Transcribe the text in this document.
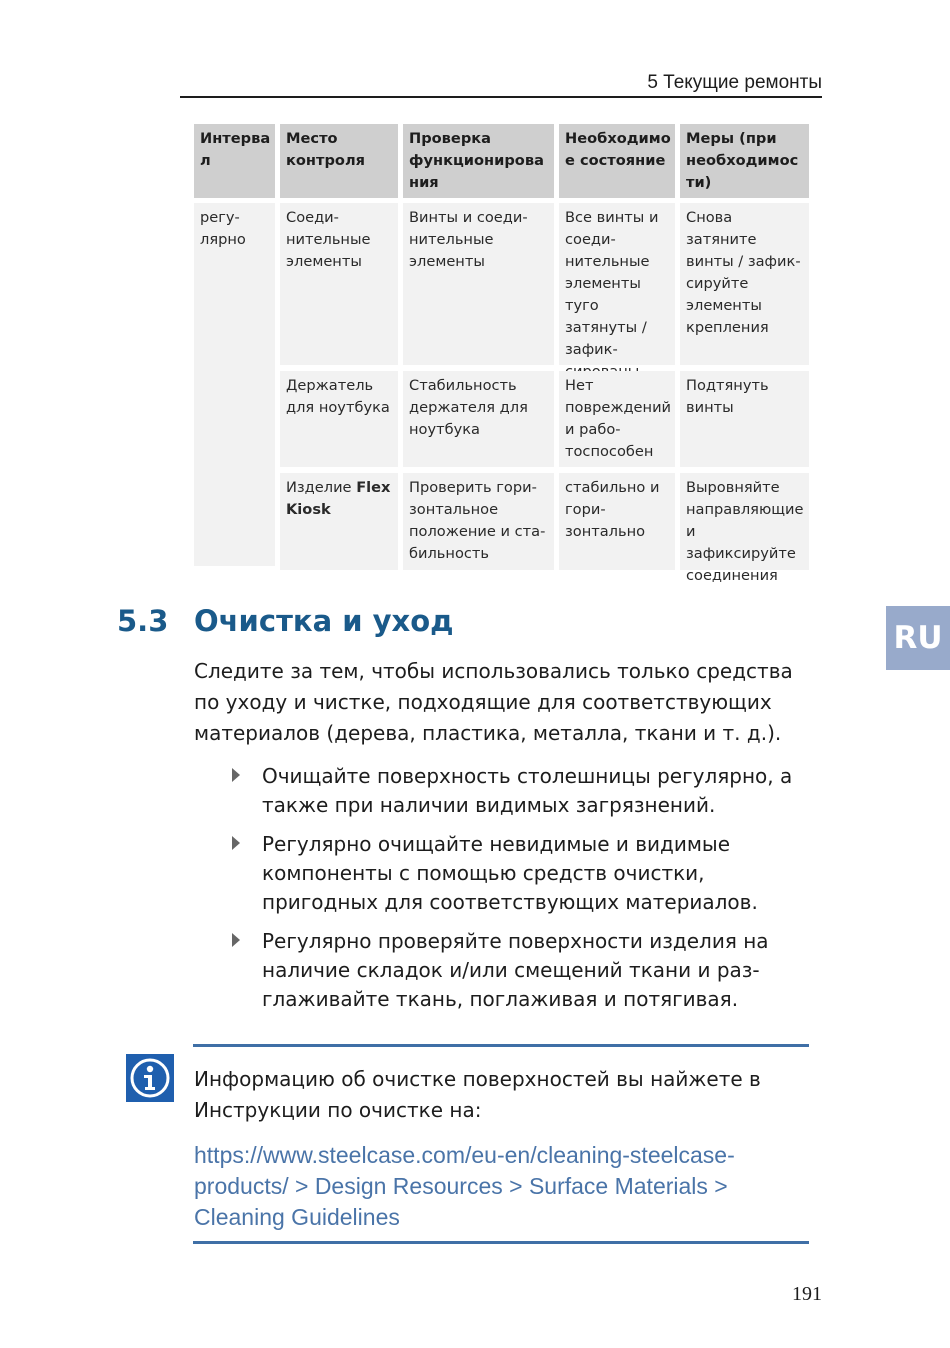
5 Текущие ремонты
RU
Интерва
л
Место
контроля
Проверка
функционирова
ния
Необходимо
е состояние
Меры (при
необходимос
ти)
регу-
лярно
Соеди-
нительные
элементы
Винты и соеди-
нительные
элементы
Все винты и
соеди-
нительные
элементы туго
затянуты /
зафик-

Снова затяните
винты / зафик-
сируйте
элементы
крепления
Держатель
для ноутбука
Стабильность
держателя для
ноутбука
Нет
повреждений
и рабо-
тоспособен
Подтянуть
винты
Изделие Flex
Kiosk
Проверить гори-
зонтальное
положение и ста-
бильность
стабильно и
гори-
зонтально
Выровняйте
направляющие
и зафиксируйте
соединения
5.3 Очистка и уход
Следите за тем, чтобы использовались только средства по уходу и чистке, подходящие для соответствующих материалов (дерева, пластика, металла, ткани и т. д.).
Очищайте поверхность столешницы регулярно, а также при наличии видимых загрязнений.
Регулярно очищайте невидимые и видимые компоненты с помощью средств очистки, пригодных для соответствующих материалов.
Регулярно проверяйте поверхности изделия на наличие складок и/или смещений ткани и раз-глаживайте ткань, поглаживая и потягивая.
Информацию об очистке поверхностей вы найжете в Инструкции по очистке на:
https://www.steelcase.com/eu-en/cleaning-steelcase-products/ > Design Resources > Surface Materials > Cleaning Guidelines
191
